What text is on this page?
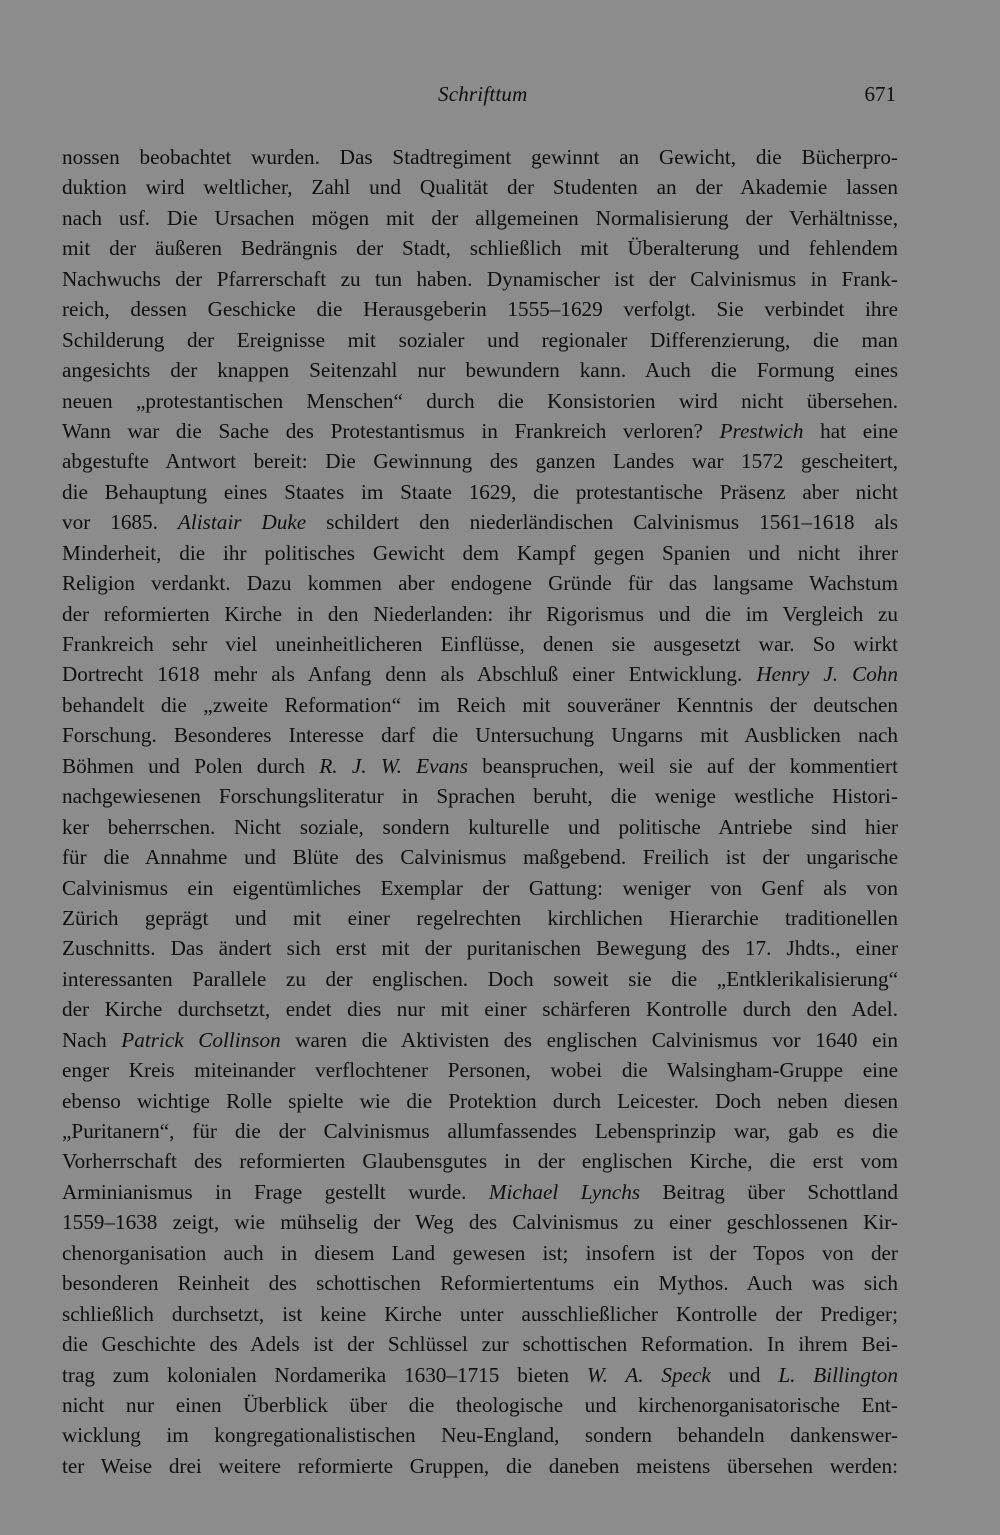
Schrifttum	671
nossen beobachtet wurden. Das Stadtregiment gewinnt an Gewicht, die Bücherpro-
duktion wird weltlicher, Zahl und Qualität der Studenten an der Akademie lassen
nach usf. Die Ursachen mögen mit der allgemeinen Normalisierung der Verhältnisse,
mit der äußeren Bedrängnis der Stadt, schließlich mit Überalterung und fehlendem
Nachwuchs der Pfarrerschaft zu tun haben. Dynamischer ist der Calvinismus in Frank-
reich, dessen Geschicke die Herausgeberin 1555–1629 verfolgt. Sie verbindet ihre
Schilderung der Ereignisse mit sozialer und regionaler Differenzierung, die man
angesichts der knappen Seitenzahl nur bewundern kann. Auch die Formung eines
neuen „protestantischen Menschen“ durch die Konsistorien wird nicht übersehen.
Wann war die Sache des Protestantismus in Frankreich verloren? Prestwich hat eine
abgestufte Antwort bereit: Die Gewinnung des ganzen Landes war 1572 gescheitert,
die Behauptung eines Staates im Staate 1629, die protestantische Präsenz aber nicht
vor 1685. Alistair Duke schildert den niederländischen Calvinismus 1561–1618 als
Minderheit, die ihr politisches Gewicht dem Kampf gegen Spanien und nicht ihrer
Religion verdankt. Dazu kommen aber endogene Gründe für das langsame Wachstum
der reformierten Kirche in den Niederlanden: ihr Rigorismus und die im Vergleich zu
Frankreich sehr viel uneinheitlicheren Einflüsse, denen sie ausgesetzt war. So wirkt
Dortrecht 1618 mehr als Anfang denn als Abschluß einer Entwicklung. Henry J. Cohn
behandelt die „zweite Reformation“ im Reich mit souveräner Kenntnis der deutschen
Forschung. Besonderes Interesse darf die Untersuchung Ungarns mit Ausblicken nach
Böhmen und Polen durch R. J. W. Evans beanspruchen, weil sie auf der kommentiert
nachgewiesenen Forschungsliteratur in Sprachen beruht, die wenige westliche Histori-
ker beherrschen. Nicht soziale, sondern kulturelle und politische Antriebe sind hier
für die Annahme und Blüte des Calvinismus maßgebend. Freilich ist der ungarische
Calvinismus ein eigentümliches Exemplar der Gattung: weniger von Genf als von
Zürich geprägt und mit einer regelrechten kirchlichen Hierarchie traditionellen
Zuschnitts. Das ändert sich erst mit der puritanischen Bewegung des 17. Jhdts., einer
interessanten Parallele zu der englischen. Doch soweit sie die „Entklerikalisierung“
der Kirche durchsetzt, endet dies nur mit einer schärferen Kontrolle durch den Adel.
Nach Patrick Collinson waren die Aktivisten des englischen Calvinismus vor 1640 ein
enger Kreis miteinander verflochtener Personen, wobei die Walsingham-Gruppe eine
ebenso wichtige Rolle spielte wie die Protektion durch Leicester. Doch neben diesen
„Puritanern“, für die der Calvinismus allumfassendes Lebensprinzip war, gab es die
Vorherrschaft des reformierten Glaubensgutes in der englischen Kirche, die erst vom
Arminianismus in Frage gestellt wurde. Michael Lynchs Beitrag über Schottland
1559–1638 zeigt, wie mühselig der Weg des Calvinismus zu einer geschlossenen Kir-
chenorganisation auch in diesem Land gewesen ist; insofern ist der Topos von der
besonderen Reinheit des schottischen Reformiertentums ein Mythos. Auch was sich
schließlich durchsetzt, ist keine Kirche unter ausschließlicher Kontrolle der Prediger;
die Geschichte des Adels ist der Schlüssel zur schottischen Reformation. In ihrem Bei-
trag zum kolonialen Nordamerika 1630–1715 bieten W. A. Speck und L. Billington
nicht nur einen Überblick über die theologische und kirchenorganisatorische Ent-
wicklung im kongregationalistischen Neu-England, sondern behandeln dankenswer-
ter Weise drei weitere reformierte Gruppen, die daneben meistens übersehen werden:
